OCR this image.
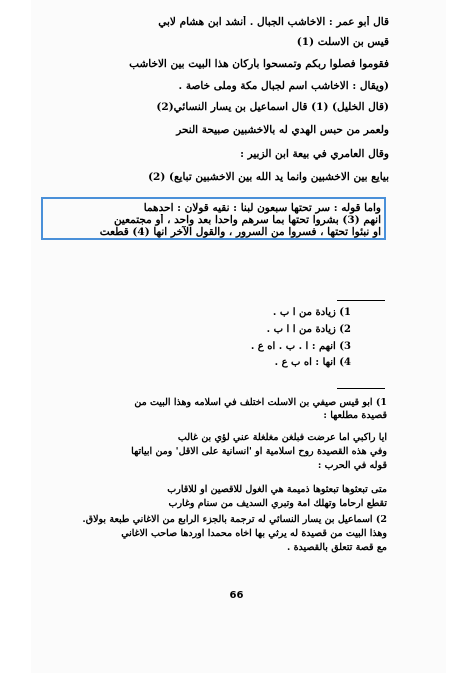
قال أبو عمر : الاخاشب الجبال . أنشد ابن هشام لابي
قيس بن الاسلت (1)
فقوموا فصلوا ربكم وتمسحوا بأركان هذا البيت بين الاخاشب
(ويقال : الاخاشب اسم لجبال مكة وملى خاصة .
(قال الخليل) (1) قال اسماعيل بن يسار النسائي(2)
ولعمر من حبس الهدي له بالاخشبين صبيحة النحر
وقال العامري في بيعة ابن الزبير :
بيايع بين الاخشبين وانما يد الله بين الاخشبين تبايع) (2)
واما قوله : سر تحتها سبعون لبنا : نقيه قولان : احدهما
انهم (3) بشروا تحتها بما سرهم واحدا بعد واحد ، أو مجتمعين
او نبئوا تحتها ، فسروا من السرور ، والقول الآخر انها (4) قطعت
1) زيادة من ا ب .
2) زيادة من ا ا ب .
3) انهم : ا . ب . اه ع .
4) انها : اه ب ع .
1) ابو قيس صيفي بن الاسلت اختلف في اسلامه وهذا البيت من
قصيدة مطلعها :
ايا راكبي اما عرضت فبلغن مغلغلة عني لؤي بن غالب
وفي هذه القصيدة روح اسلامية او 'انسانية على الاقل' ومن ابياتها
قوله في الحرب :
متى تبعثوها تبعثوها ذميمة هي الغول للاقصين او للاقارب
تقطع ارحاما وتهلك امة وتبري السديف من سنام وغارب
2) اسماعيل بن يسار النسائي له ترجمة بالجزء الرابع من الاغاني طبعة بولاق.
وهذا البيت من قصيدة له يرثي بها اخاه محمدا اوردها صاحب الاغاني
مع قصة تتعلق بالقصيدة .
66
